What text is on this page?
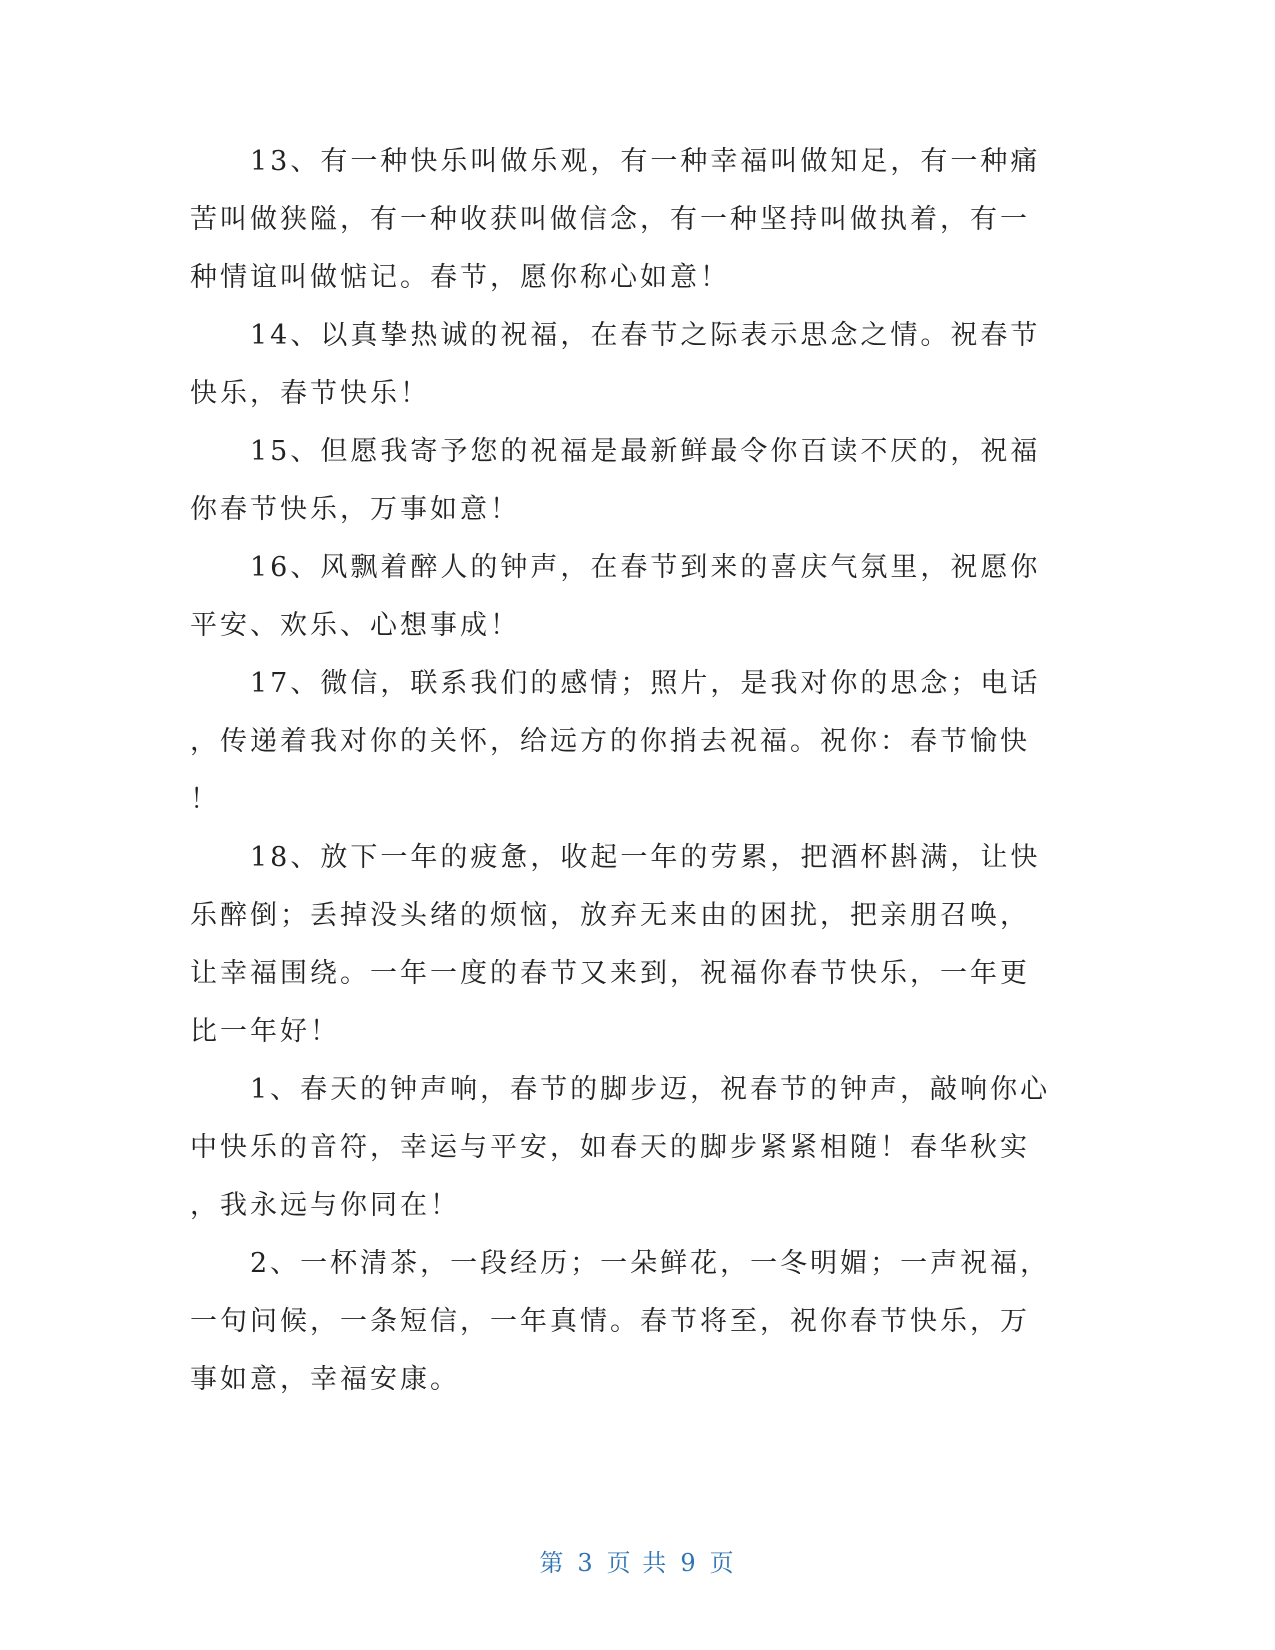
13、有一种快乐叫做乐观，有一种幸福叫做知足，有一种痛
苦叫做狭隘，有一种收获叫做信念，有一种坚持叫做执着，有一
种情谊叫做惦记。春节，愿你称心如意！
14、以真挚热诚的祝福，在春节之际表示思念之情。祝春节
快乐，春节快乐！
15、但愿我寄予您的祝福是最新鲜最令你百读不厌的，祝福
你春节快乐，万事如意！
16、风飘着醉人的钟声，在春节到来的喜庆气氛里，祝愿你
平安、欢乐、心想事成！
17、微信，联系我们的感情；照片，是我对你的思念；电话
，传递着我对你的关怀，给远方的你捎去祝福。祝你：春节愉快
！
18、放下一年的疲惫，收起一年的劳累，把酒杯斟满，让快
乐醉倒；丢掉没头绪的烦恼，放弃无来由的困扰，把亲朋召唤，
让幸福围绕。一年一度的春节又来到，祝福你春节快乐，一年更
比一年好！
1、春天的钟声响，春节的脚步迈，祝春节的钟声，敲响你心
中快乐的音符，幸运与平安，如春天的脚步紧紧相随！春华秋实
，我永远与你同在！
2、一杯清茶，一段经历；一朵鲜花，一冬明媚；一声祝福，
一句问候，一条短信，一年真情。春节将至，祝你春节快乐，万
事如意，幸福安康。
第 3 页 共 9 页
